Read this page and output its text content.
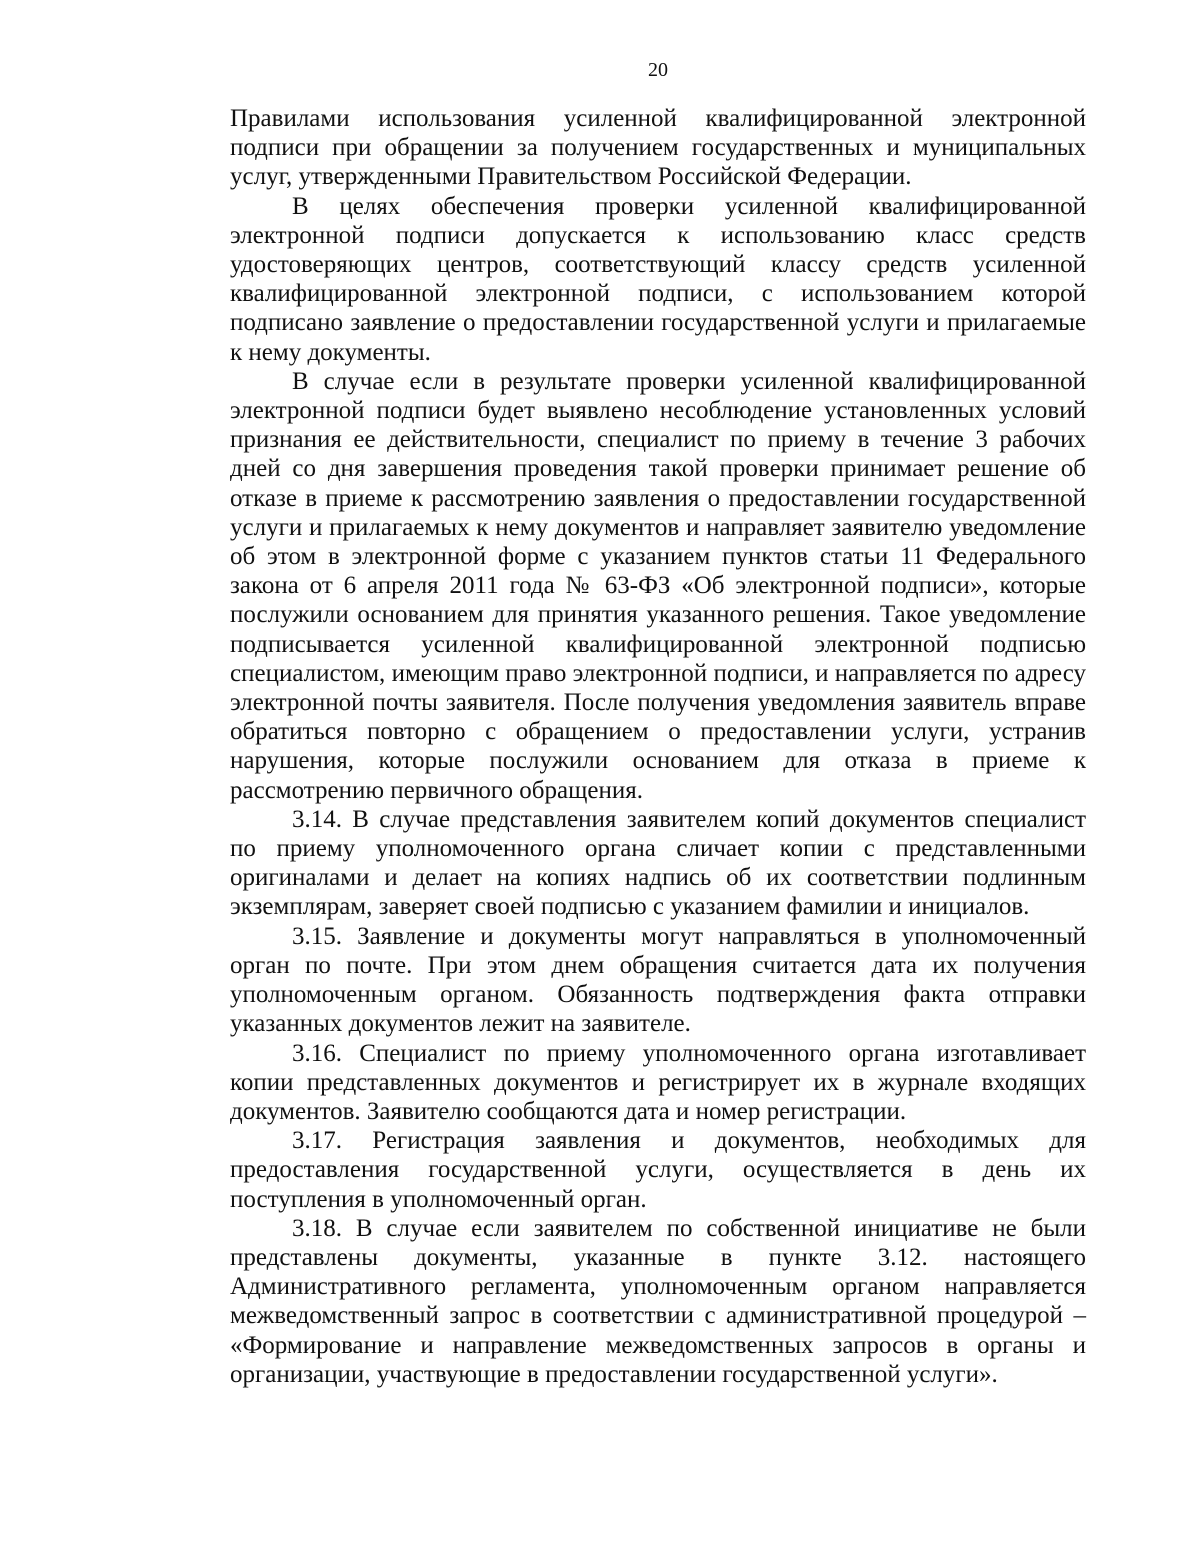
20

Правилами использования усиленной квалифицированной электронной подписи при обращении за получением государственных и муниципальных услуг, утвержденными Правительством Российской Федерации.

В целях обеспечения проверки усиленной квалифицированной электронной подписи допускается к использованию класс средств удостоверяющих центров, соответствующий классу средств усиленной квалифицированной электронной подписи, с использованием которой подписано заявление о предоставлении государственной услуги и прилагаемые к нему документы.

В случае если в результате проверки усиленной квалифицированной электронной подписи будет выявлено несоблюдение установленных условий признания ее действительности, специалист по приему в течение 3 рабочих дней со дня завершения проведения такой проверки принимает решение об отказе в приеме к рассмотрению заявления о предоставлении государственной услуги и прилагаемых к нему документов и направляет заявителю уведомление об этом в электронной форме с указанием пунктов статьи 11 Федерального закона от 6 апреля 2011 года № 63-ФЗ «Об электронной подписи», которые послужили основанием для принятия указанного решения. Такое уведомление подписывается усиленной квалифицированной электронной подписью специалистом, имеющим право электронной подписи, и направляется по адресу электронной почты заявителя. После получения уведомления заявитель вправе обратиться повторно с обращением о предоставлении услуги, устранив нарушения, которые послужили основанием для отказа в приеме к рассмотрению первичного обращения.

3.14. В случае представления заявителем копий документов специалист по приему уполномоченного органа сличает копии с представленными оригиналами и делает на копиях надпись об их соответствии подлинным экземплярам, заверяет своей подписью с указанием фамилии и инициалов.

3.15. Заявление и документы могут направляться в уполномоченный орган по почте. При этом днем обращения считается дата их получения уполномоченным органом. Обязанность подтверждения факта отправки указанных документов лежит на заявителе.

3.16. Специалист по приему уполномоченного органа изготавливает копии представленных документов и регистрирует их в журнале входящих документов. Заявителю сообщаются дата и номер регистрации.

3.17. Регистрация заявления и документов, необходимых для предоставления государственной услуги, осуществляется в день их поступления в уполномоченный орган.

3.18. В случае если заявителем по собственной инициативе не были представлены документы, указанные в пункте 3.12. настоящего Административного регламента, уполномоченным органом направляется межведомственный запрос в соответствии с административной процедурой – «Формирование и направление межведомственных запросов в органы и организации, участвующие в предоставлении государственной услуги».
